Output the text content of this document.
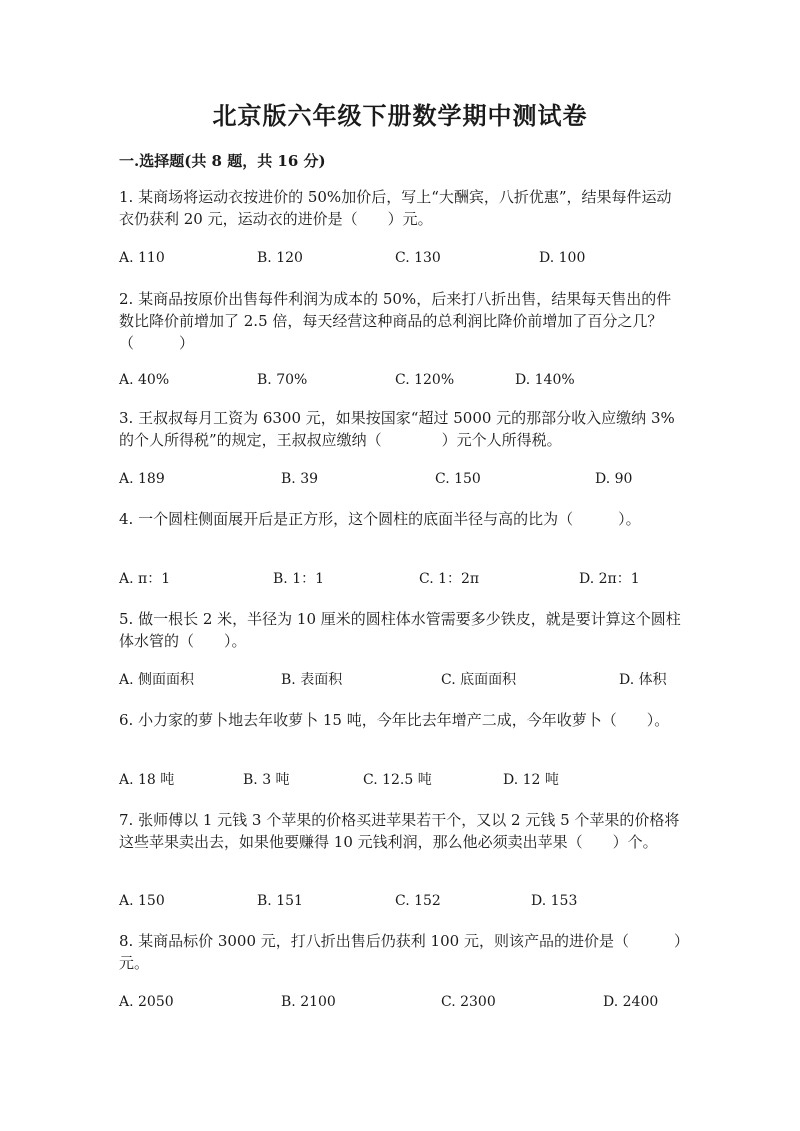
北京版六年级下册数学期中测试卷
一.选择题(共 8 题，共 16 分)
1. 某商场将运动衣按进价的 50%加价后，写上“大酬宾，八折优惠”，结果每件运动衣仍获利 20 元，运动衣的进价是（　　）元。
A. 110	B. 120	C. 130	D. 100
2. 某商品按原价出售每件利润为成本的 50%，后来打八折出售，结果每天售出的件数比降价前增加了 2.5 倍，每天经营这种商品的总利润比降价前增加了百分之几？（　　　）
A. 40%	B. 70%	C. 120%	D. 140%
3. 王叔叔每月工资为 6300 元，如果按国家“超过 5000 元的那部分收入应缴纳 3%的个人所得税”的规定，王叔叔应缴纳（　　　　）元个人所得税。
A. 189	B. 39	C. 150	D. 90
4. 一个圆柱侧面展开后是正方形，这个圆柱的底面半径与高的比为（　　　）。
A. π：1	B. 1：1	C. 1：2π	D. 2π：1
5. 做一根长 2 米，半径为 10 厘米的圆柱体水管需要多少铁皮，就是要计算这个圆柱体水管的（　　）。
A. 侧面面积	B. 表面积	C. 底面面积	D. 体积
6. 小力家的萝卜地去年收萝卜 15 吨，今年比去年增产二成，今年收萝卜（　　）。
A. 18 吨	B. 3 吨	C. 12.5 吨	D. 12 吨
7. 张师傅以 1 元钱 3 个苹果的价格买进苹果若干个，又以 2 元钱 5 个苹果的价格将这些苹果卖出去，如果他要赚得 10 元钱利润，那么他必须卖出苹果（　　）个。
A. 150	B. 151	C. 152	D. 153
8. 某商品标价 3000 元，打八折出售后仍获利 100 元，则该产品的进价是（　　　）元。
A. 2050	B. 2100	C. 2300	D. 2400
